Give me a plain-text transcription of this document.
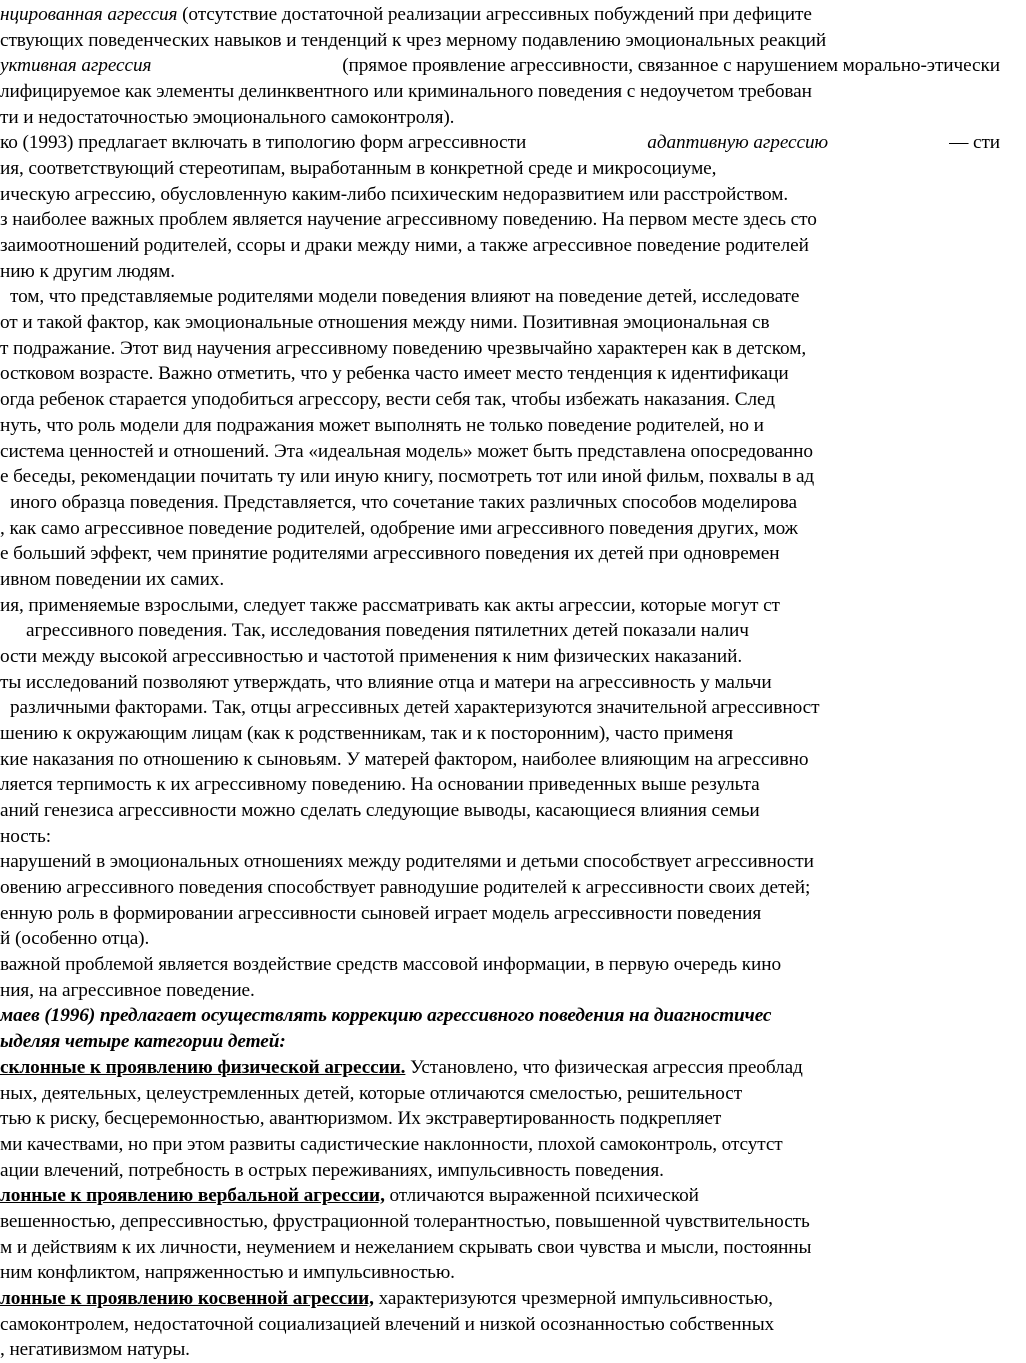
нцированная агрессия (отсутствие достаточной реализации агрессивных побуждений при дефиците
ствующих поведенческих навыков и тенденций к чрез мерному подавлению эмоциональных реакций
уктивная агрессия	(прямое проявление агрессивности, связанное с нарушением морально-этически
лифицируемое как элементы делинквентного или криминального поведения с недоучетом требован
ти и недостаточностью эмоционального самоконтроля).
ко (1993) предлагает включать в типологию форм агрессивности	адаптивную агрессию	— сти
ия, соответствующий стереотипам, выработанным в конкретной среде и микросоциуме,
ическую агрессию, обусловленную каким-либо психическим недоразвитием или расстройством.
з наиболее важных проблем является научение агрессивному поведению. На первом месте здесь сто
заимоотношений родителей, ссоры и драки между ними, а также агрессивное поведение родителей
нию к другим людям.
том, что представляемые родителями модели поведения влияют на поведение детей, исследовате
от и такой фактор, как эмоциональные отношения между ними. Позитивная эмоциональная св
т подражание. Этот вид научения агрессивному поведению чрезвычайно характерен как в детском,
остковом возрасте. Важно отметить, что у ребенка часто имеет место тенденция к идентификаци
огда ребенок старается уподобиться агрессору, вести себя так, чтобы избежать наказания. След
нуть, что роль модели для подражания может выполнять не только поведение родителей, но и
система ценностей и отношений. Эта «идеальная модель» может быть представлена опосредованно
е беседы, рекомендации почитать ту или иную книгу, посмотреть тот или иной фильм, похвалы в ад
иного образца поведения. Представляется, что сочетание таких различных способов моделирова
, как само агрессивное поведение родителей, одобрение ими агрессивного поведения других, мож
е больший эффект, чем принятие родителями агрессивного поведения их детей при одновремен
ивном поведении их самих.
ия, применяемые взрослыми, следует также рассматривать как акты агрессии, которые могут ст
агрессивного поведения. Так, исследования поведения пятилетних детей показали налич
ости между высокой агрессивностью и частотой применения к ним физических наказаний.
ты исследований позволяют утверждать, что влияние отца и матери на агрессивность у мальчи
различными факторами. Так, отцы агрессивных детей характеризуются значительной агрессивност
шению к окружающим лицам (как к родственникам, так и к посторонним), часто применя
кие наказания по отношению к сыновьям. У матерей фактором, наиболее влияющим на агрессивно
ляется терпимость к их агрессивному поведению. На основании приведенных выше результа
аний генезиса агрессивности можно сделать следующие выводы, касающиеся влияния семьи
ность:
нарушений в эмоциональных отношениях между родителями и детьми способствует агрессивности
овению агрессивного поведения способствует равнодушие родителей к агрессивности своих детей;
енную роль в формировании агрессивности сыновей играет модель агрессивности поведения
й (особенно отца).
важной проблемой является воздействие средств массовой информации, в первую очередь кино
ния, на агрессивное поведение.
маев (1996) предлагает осуществлять коррекцию агрессивного поведения на диагностичес
ыделяя четыре категории детей:
склонные к проявлению физической агрессии. Установлено, что физическая агрессия преоблад
ных, деятельных, целеустремленных детей, которые отличаются смелостью, решительност
тью к риску, бесцеремонностью, авантюризмом. Их экстравертированность подкрепляет
ми качествами, но при этом развиты садистические наклонности, плохой самоконтроль, отсутст
ации влечений, потребность в острых переживаниях, импульсивность поведения.
лонные к проявлению вербальной агрессии, отличаются выраженной психической
вешенностью, депрессивностью, фрустрационной толерантностью, повышенной чувствительность
м и действиям к их личности, неумением и нежеланием скрывать свои чувства и мысли, постоянны
ним конфликтом, напряженностью и импульсивностью.
лонные к проявлению косвенной агрессии, характеризуются чрезмерной импульсивностью,
самоконтролем, недостаточной социализацией влечений и низкой осознанностью собственных
, негативизмом натуры.
